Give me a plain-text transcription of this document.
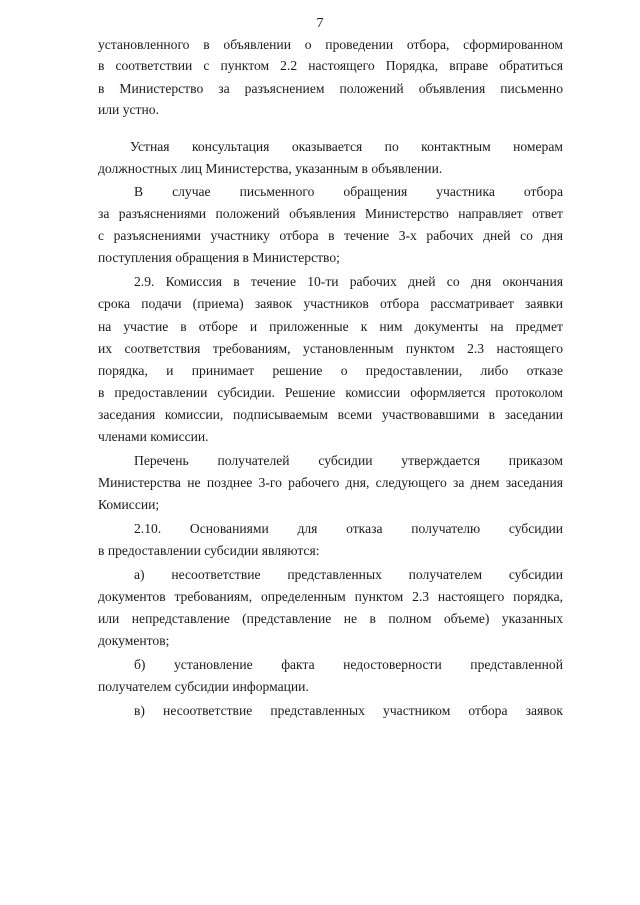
7
установленного в объявлении о проведении отбора, сформированном
в соответствии с пунктом 2.2 настоящего Порядка, вправе обратиться
в Министерство за разъяснением положений объявления письменно
или устно.
Устная консультация оказывается по контактным номерам
должностных лиц Министерства, указанным в объявлении.
В случае письменного обращения участника отбора
за разъяснениями положений объявления Министерство направляет ответ
с разъяснениями участнику отбора в течение 3-х рабочих дней со дня
поступления обращения в Министерство;
2.9. Комиссия в течение 10-ти рабочих дней со дня окончания
срока подачи (приема) заявок участников отбора рассматривает заявки
на участие в отборе и приложенные к ним документы на предмет
их соответствия требованиям, установленным пунктом 2.3 настоящего
порядка, и принимает решение о предоставлении, либо отказе
в предоставлении субсидии. Решение комиссии оформляется протоколом
заседания комиссии, подписываемым всеми участвовавшими в заседании
членами комиссии.
Перечень получателей субсидии утверждается приказом
Министерства не позднее 3-го рабочего дня, следующего за днем заседания
Комиссии;
2.10. Основаниями для отказа получателю субсидии
в предоставлении субсидии являются:
а) несоответствие представленных получателем субсидии
документов требованиям, определенным пунктом 2.3 настоящего порядка,
или непредставление (представление не в полном объеме) указанных
документов;
б) установление факта недостоверности представленной
получателем субсидии информации.
в) несоответствие представленных участником отбора заявок
